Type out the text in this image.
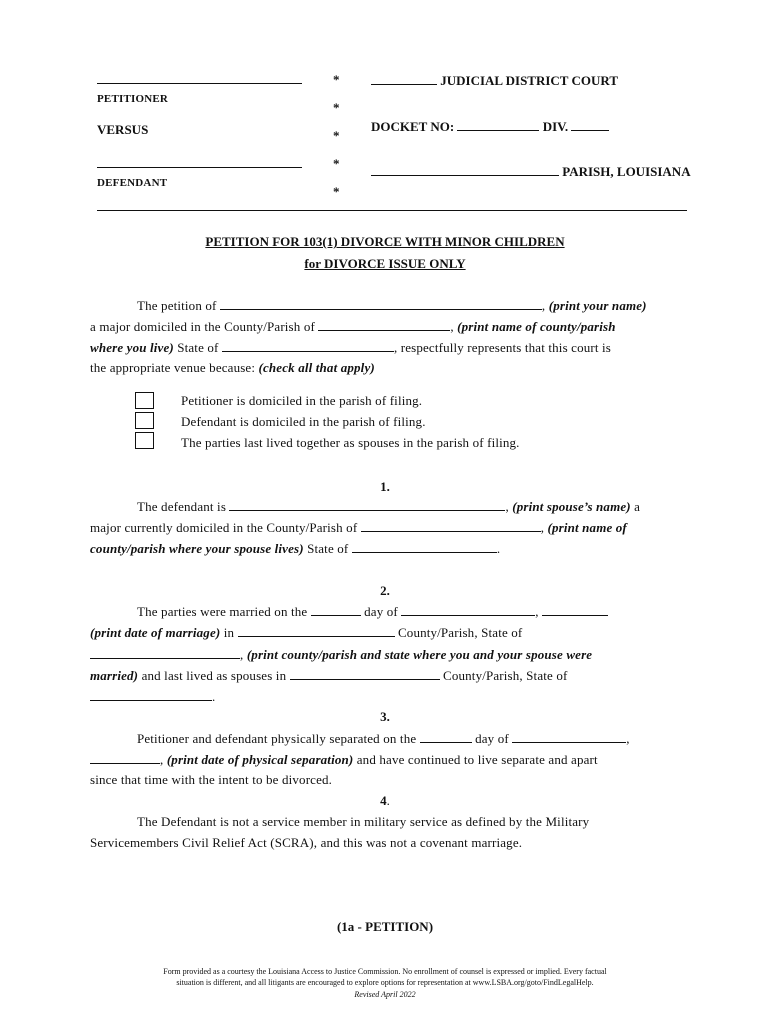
PETITIONER
VERSUS
DEFENDANT
*
*
*
*
*
JUDICIAL DISTRICT COURT
DOCKET NO:	DIV.
PARISH, LOUISIANA
PETITION FOR 103(1) DIVORCE WITH MINOR CHILDREN
for DIVORCE ISSUE ONLY
The petition of	, (print your name)
a major domiciled in the County/Parish of	, (print name of county/parish
where you live) State of	, respectfully represents that this court is
the appropriate venue because: (check all that apply)
Petitioner is domiciled in the parish of filing.
Defendant is domiciled in the parish of filing.
The parties last lived together as spouses in the parish of filing.
1.
The defendant is	, (print spouse’s name) a
major currently domiciled in the County/Parish of	, (print name of
county/parish where your spouse lives) State of	.
2.
The parties were married on the	day of	,
(print date of marriage) in	County/Parish, State of
, (print county/parish and state where you and your spouse were
married) and last lived as spouses in	County/Parish, State of
.
3.
Petitioner and defendant physically separated on the	day of	,
, (print date of physical separation) and have continued to live separate and apart
since that time with the intent to be divorced.
4.
The Defendant is not a service member in military service as defined by the Military
Servicemembers Civil Relief Act (SCRA), and this was not a covenant marriage.
(1a - PETITION)
Form provided as a courtesy the Louisiana Access to Justice Commission. No enrollment of counsel is expressed or implied. Every factual
situation is different, and all litigants are encouraged to explore options for representation at www.LSBA.org/goto/FindLegalHelp.
Revised April 2022
